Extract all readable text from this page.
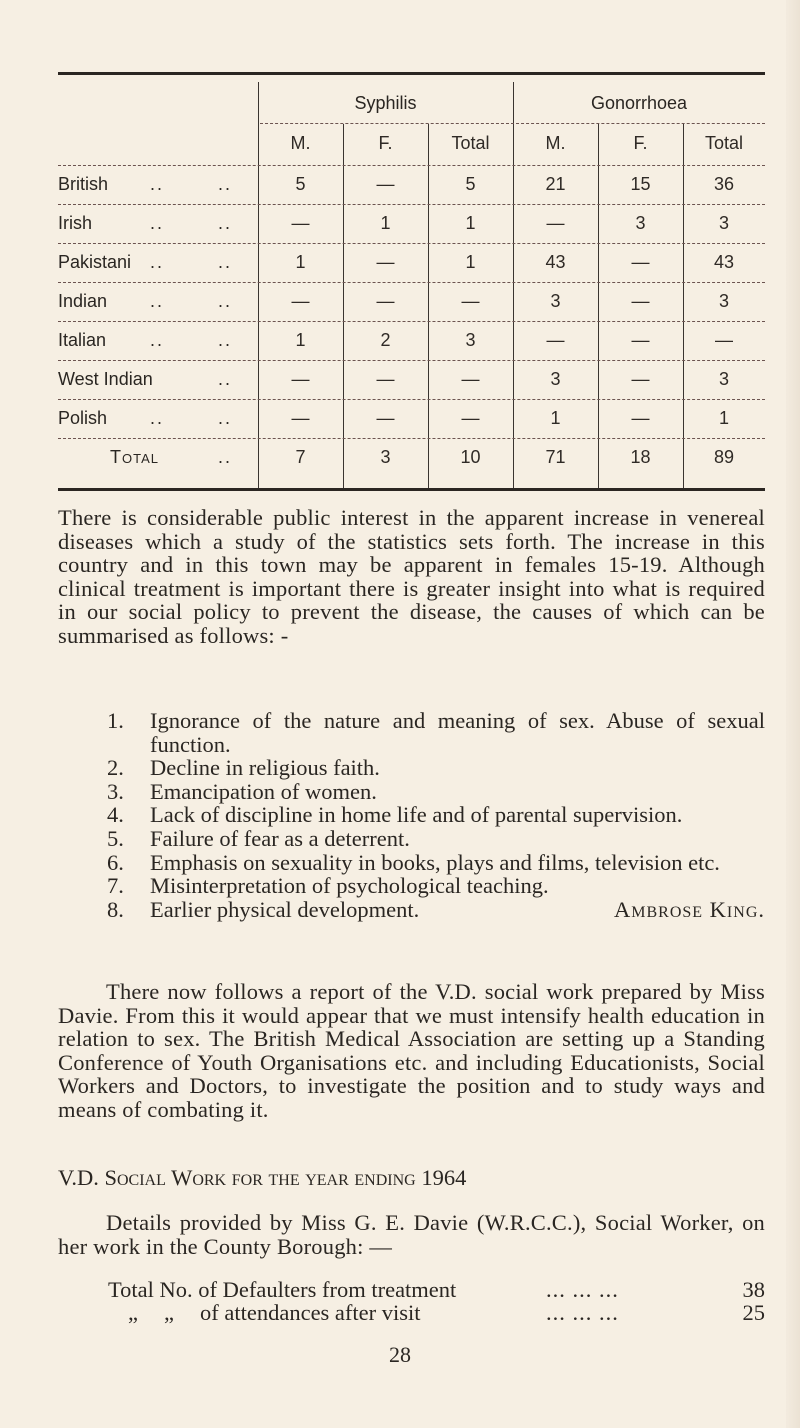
Syphilis	Gonorrhoea
M.	F.	Total	M.	F.	Total
British ..	..	5	—	5	21	15	36
Irish	..	..	—	1	1	—	3	3
Pakistani ..	..	1	—	1	43	—	43
Indian ..	..	—	—	—	3	—	3
Italian ..	..	1	2	3	—	—	—
West Indian	..	—	—	—	3	—	3
Polish ..	..	—	—	—	1	—	1
Total	..	7	3	10	71	18	89
There is considerable public interest in the apparent increase in venereal diseases which a study of the statistics sets forth. The increase in this country and in this town may be apparent in females 15-19. Although clinical treatment is important there is greater insight into what is required in our social policy to prevent the disease, the causes of which can be summarised as follows: -
1. Ignorance of the nature and meaning of sex. Abuse of sexual function.
2. Decline in religious faith.
3. Emancipation of women.
4. Lack of discipline in home life and of parental supervision.
5. Failure of fear as a deterrent.
6. Emphasis on sexuality in books, plays and films, television etc.
7. Misinterpretation of psychological teaching.
8. Earlier physical development.	Ambrose King.
There now follows a report of the V.D. social work prepared by Miss Davie. From this it would appear that we must intensify health education in relation to sex. The British Medical Association are setting up a Standing Conference of Youth Organisations etc. and including Educationists, Social Workers and Doctors, to investigate the position and to study ways and means of combating it.
V.D. Social Work for the year ending 1964
Details provided by Miss G. E. Davie (W.R.C.C.), Social Worker, on her work in the County Borough: —
Total No. of Defaulters from treatment	... ... ...	38
„ „ of attendances after visit	... ... ...	25
28
